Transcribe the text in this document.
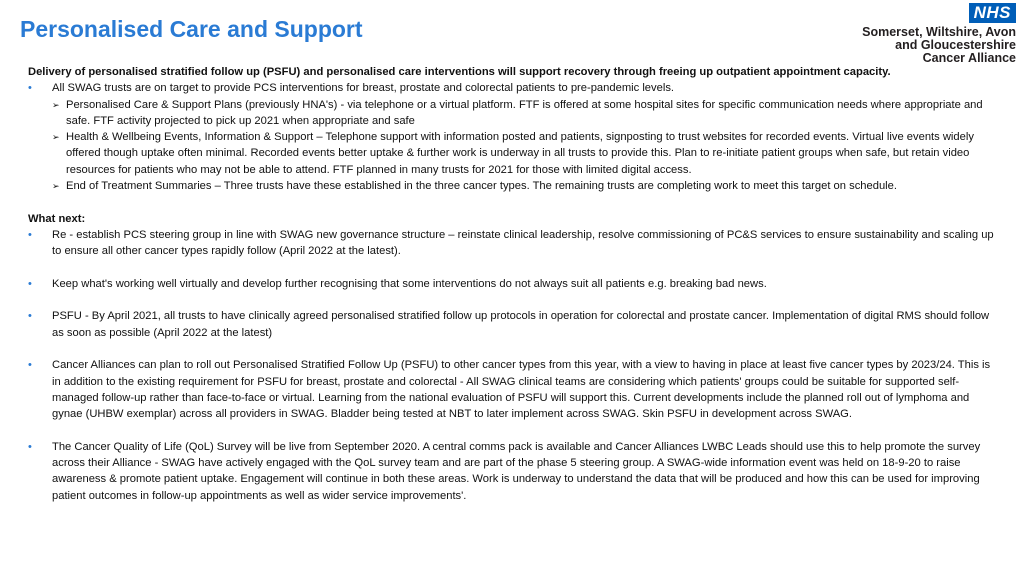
Personalised Care and Support
NHS
Somerset, Wiltshire, Avon
and Gloucestershire
Cancer Alliance

Delivery of personalised stratified follow up (PSFU) and personalised care interventions will support recovery through freeing up outpatient appointment capacity.

• All SWAG trusts are on target to provide PCS interventions for breast, prostate and colorectal patients to pre-pandemic levels.
➢ Personalised Care & Support Plans (previously HNA's) - via telephone or a virtual platform. FTF is offered at some hospital sites for specific communication needs where appropriate and safe. FTF activity projected to pick up 2021 when appropriate and safe
➢ Health & Wellbeing Events, Information & Support – Telephone support with information posted and patients, signposting to trust websites for recorded events. Virtual live events widely offered though uptake often minimal. Recorded events better uptake & further work is underway in all trusts to provide this. Plan to re-initiate patient groups when safe, but retain video resources for patients who may not be able to attend. FTF planned in many trusts for 2021 for those with limited digital access.
➢ End of Treatment Summaries – Three trusts have these established in the three cancer types. The remaining trusts are completing work to meet this target on schedule.

What next:

• Re - establish PCS steering group in line with SWAG new governance structure – reinstate clinical leadership, resolve commissioning of PC&S services to ensure sustainability and scaling up to ensure all other cancer types rapidly follow (April 2022 at the latest).
• Keep what's working well virtually and develop further recognising that some interventions do not always suit all patients e.g. breaking bad news.
• PSFU - By April 2021, all trusts to have clinically agreed personalised stratified follow up protocols in operation for colorectal and prostate cancer. Implementation of digital RMS should follow as soon as possible (April 2022 at the latest)
• Cancer Alliances can plan to roll out Personalised Stratified Follow Up (PSFU) to other cancer types from this year, with a view to having in place at least five cancer types by 2023/24. This is in addition to the existing requirement for PSFU for breast, prostate and colorectal - All SWAG clinical teams are considering which patients' groups could be suitable for supported self-managed follow-up rather than face-to-face or virtual. Learning from the national evaluation of PSFU will support this. Current developments include the planned roll out of lymphoma and gynae (UHBW exemplar) across all providers in SWAG. Bladder being tested at NBT to later implement across SWAG. Skin PSFU in development across SWAG.
• The Cancer Quality of Life (QoL) Survey will be live from September 2020. A central comms pack is available and Cancer Alliances LWBC Leads should use this to help promote the survey across their Alliance - SWAG have actively engaged with the QoL survey team and are part of the phase 5 steering group. A SWAG-wide information event was held on 18-9-20 to raise awareness & promote patient uptake. Engagement will continue in both these areas. Work is underway to understand the data that will be produced and how this can be used for improving patient outcomes in follow-up appointments as well as wider service improvements'.
